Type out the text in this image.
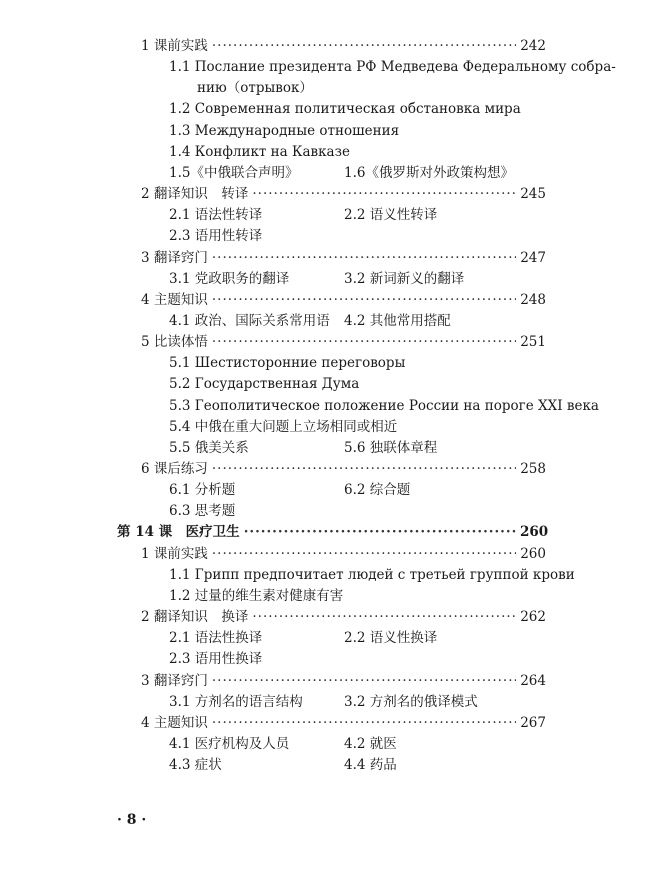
1 课前实践 ·····	242
1.1 Послание президента РФ Медведева Федеральному собра-
нию（отрывок）
1.2 Современная политическая обстановка мира
1.3 Международные отношения
1.4 Конфликт на Кавказе
1.5《中俄联合声明》	1.6《俄罗斯对外政策构想》
2 翻译知识　转译 ·····	245
2.1 语法性转译	2.2 语义性转译
2.3 语用性转译
3 翻译窍门 ·····	247
3.1 党政职务的翻译	3.2 新词新义的翻译
4 主题知识 ·····	248
4.1 政治、国际关系常用语 4.2 其他常用搭配
5 比读体悟 ·····	251
5.1 Шестисторонние переговоры
5.2 Государственная Дума
5.3 Геополитическое положение России на пороге XXI века
5.4 中俄在重大问题上立场相同或相近
5.5 俄美关系	5.6 独联体章程
6 课后练习 ·····	258
6.1 分析题	6.2 综合题
6.3 思考题
第 14 课　医疗卫生 ·····	260
1 课前实践 ·····	260
1.1 Грипп предпочитает людей с третьей группой крови
1.2 过量的维生素对健康有害
2 翻译知识　换译 ·····	262
2.1 语法性换译	2.2 语义性换译
2.3 语用性换译
3 翻译窍门 ·····	264
3.1 方剂名的语言结构	3.2 方剂名的俄译模式
4 主题知识 ·····	267
4.1 医疗机构及人员	4.2 就医
4.3 症状	4.4 药品
· 8 ·
